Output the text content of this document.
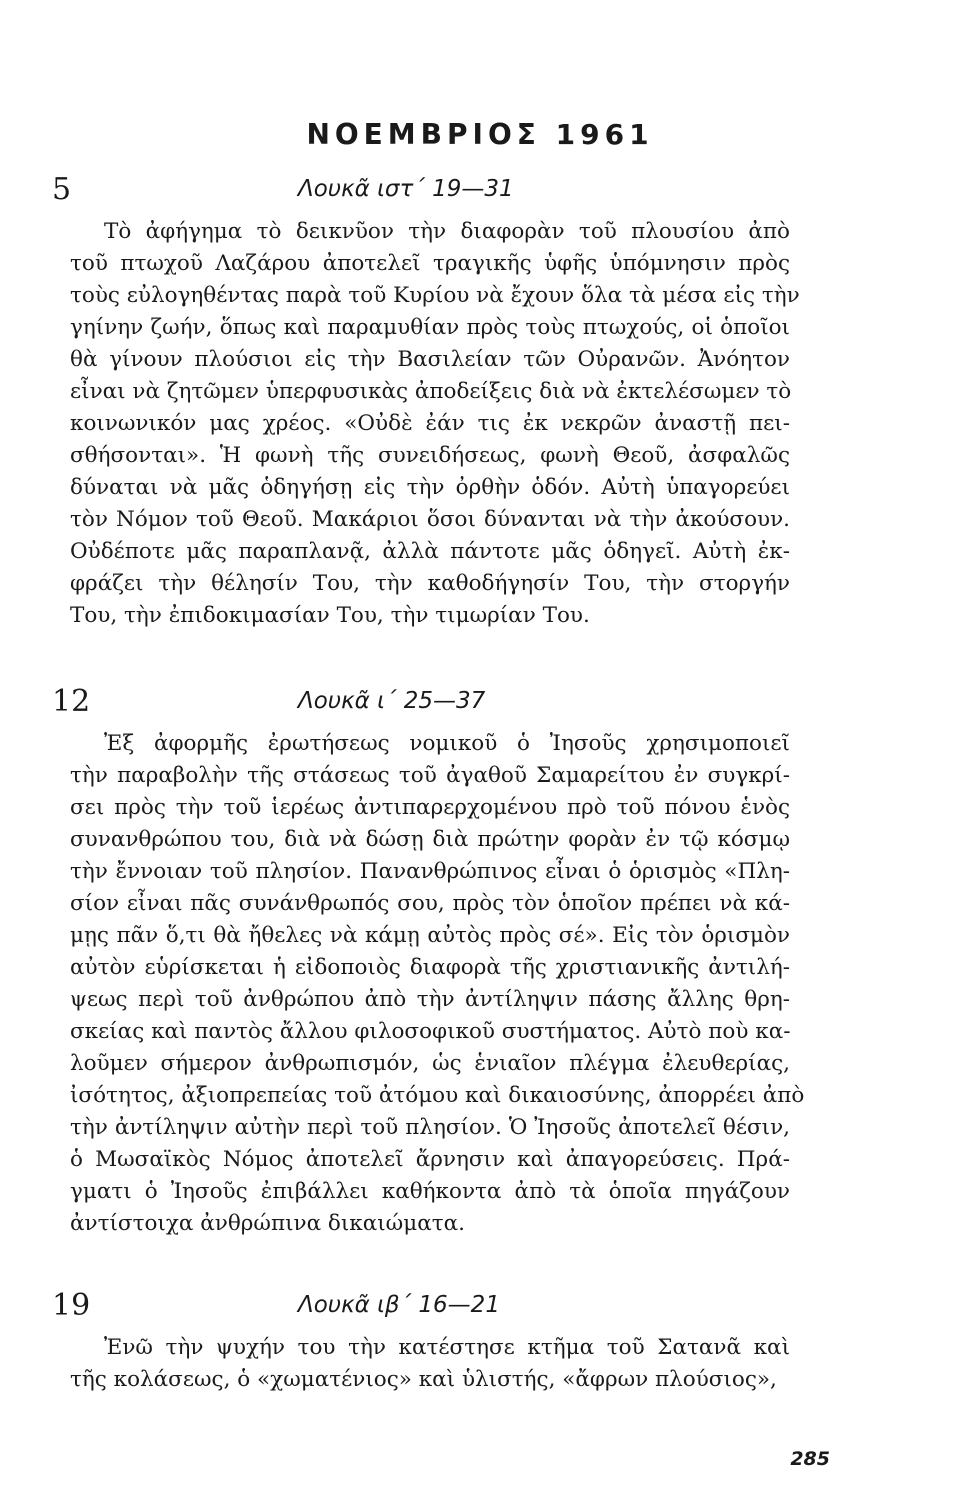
ΝΟΕΜΒΡΙΟΣ 1961
5	Λουκᾶ ιστ΄ 19—31

Τὸ ἀφήγημα τὸ δεικνῦον τὴν διαφορὰν τοῦ πλουσίου ἀπὸ
τοῦ πτωχοῦ Λαζάρου ἀποτελεῖ τραγικῆς ὑφῆς ὑπόμνησιν πρὸς
τοὺς εὐλογηθέντας παρὰ τοῦ Κυρίου νὰ ἔχουν ὅλα τὰ μέσα εἰς τὴν
γηίνην ζωήν, ὅπως καὶ παραμυθίαν πρὸς τοὺς πτωχούς, οἱ ὁποῖοι
θὰ γίνουν πλούσιοι εἰς τὴν Βασιλείαν τῶν Οὐρανῶν. Ἀνόητον
εἶναι νὰ ζητῶμεν ὑπερφυσικὰς ἀποδείξεις διὰ νὰ ἐκτελέσωμεν τὸ
κοινωνικόν μας χρέος. «Οὐδὲ ἐάν τις ἐκ νεκρῶν ἀναστῇ πει-
σθήσονται». Ἡ φωνὴ τῆς συνειδήσεως, φωνὴ Θεοῦ, ἀσφαλῶς
δύναται νὰ μᾶς ὁδηγήσῃ εἰς τὴν ὀρθὴν ὁδόν. Αὐτὴ ὑπαγορεύει
τὸν Νόμον τοῦ Θεοῦ. Μακάριοι ὅσοι δύνανται νὰ τὴν ἀκούσουν.
Οὐδέποτε μᾶς παραπλανᾷ, ἀλλὰ πάντοτε μᾶς ὁδηγεῖ. Αὐτὴ ἐκ-
φράζει τὴν θέλησίν Του, τὴν καθοδήγησίν Του, τὴν στοργήν
Του, τὴν ἐπιδοκιμασίαν Του, τὴν τιμωρίαν Του.

12	Λουκᾶ ι΄ 25—37

Ἐξ ἀφορμῆς ἐρωτήσεως νομικοῦ ὁ Ἰησοῦς χρησιμοποιεῖ
τὴν παραβολὴν τῆς στάσεως τοῦ ἀγαθοῦ Σαμαρείτου ἐν συγκρί-
σει πρὸς τὴν τοῦ ἱερέως ἀντιπαρερχομένου πρὸ τοῦ πόνου ἑνὸς
συνανθρώπου του, διὰ νὰ δώσῃ διὰ πρώτην φορὰν ἐν τῷ κόσμῳ
τὴν ἔννοιαν τοῦ πλησίον. Πανανθρώπινος εἶναι ὁ ὁρισμὸς «Πλη-
σίον εἶναι πᾶς συνάνθρωπός σου, πρὸς τὸν ὁποῖον πρέπει νὰ κά-
μῃς πᾶν ὅ,τι θὰ ἤθελες νὰ κάμῃ αὐτὸς πρὸς σέ». Εἰς τὸν ὁρισμὸν
αὐτὸν εὑρίσκεται ἡ εἰδοποιὸς διαφορὰ τῆς χριστιανικῆς ἀντιλή-
ψεως περὶ τοῦ ἀνθρώπου ἀπὸ τὴν ἀντίληψιν πάσης ἄλλης θρη-
σκείας καὶ παντὸς ἄλλου φιλοσοφικοῦ συστήματος. Αὐτὸ ποὺ κα-
λοῦμεν σήμερον ἀνθρωπισμόν, ὡς ἑνιαῖον πλέγμα ἐλευθερίας,
ἰσότητος, ἀξιοπρεπείας τοῦ ἀτόμου καὶ δικαιοσύνης, ἀπορρέει ἀπὸ
τὴν ἀντίληψιν αὐτὴν περὶ τοῦ πλησίον. Ὁ Ἰησοῦς ἀποτελεῖ θέσιν,
ὁ Μωσαϊκὸς Νόμος ἀποτελεῖ ἄρνησιν καὶ ἀπαγορεύσεις. Πρά-
γματι ὁ Ἰησοῦς ἐπιβάλλει καθήκοντα ἀπὸ τὰ ὁποῖα πηγάζουν
ἀντίστοιχα ἀνθρώπινα δικαιώματα.

19	Λουκᾶ ιβ΄ 16—21

Ἐνῶ τὴν ψυχήν του τὴν κατέστησε κτῆμα τοῦ Σατανᾶ καὶ
τῆς κολάσεως, ὁ «χωματένιος» καὶ ὑλιστής, «ἄφρων πλούσιος»,

285
